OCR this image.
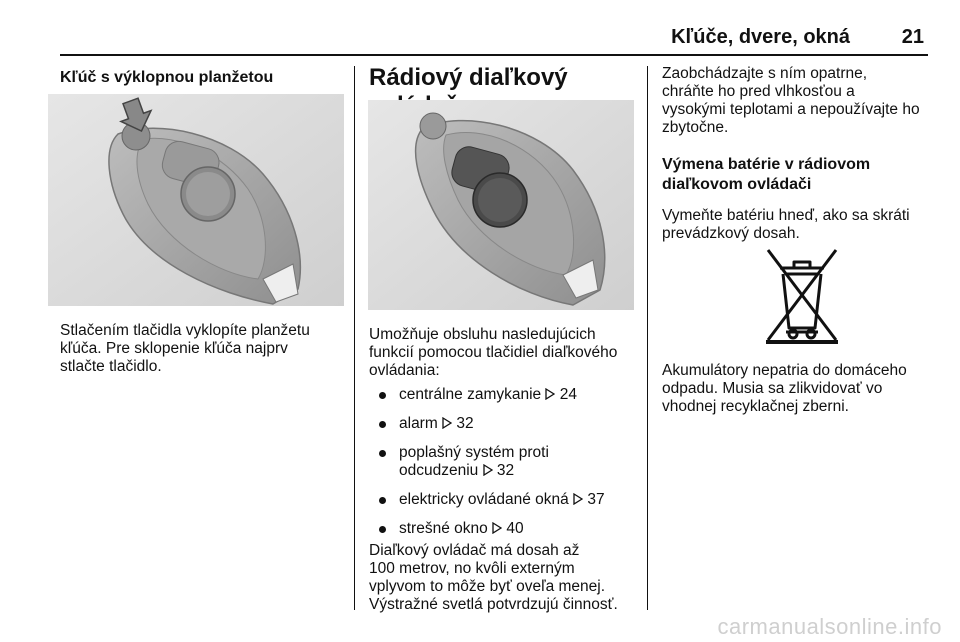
Kľúče, dvere, okná	21
Kľúč s výklopnou planžetou

Stlačením tlačidla vyklopíte planžetu
kľúča. Pre sklopenie kľúča najprv
stlačte tlačidlo.

Rádiový diaľkový

Umožňuje obsluhu nasledujúcich
funkcií pomocou tlačidiel diaľkového
ovládania:

centrálne zamykanie 24
alarm 32
poplašný systém proti
odcudzeniu 32
elektricky ovládané okná 37
strešné okno 40

Diaľkový ovládač má dosah až
100 metrov, no kvôli externým
vplyvom to môže byť oveľa menej.
Výstražné svetlá potvrdzujú činnosť.

Zaobchádzajte s ním opatrne,
chráňte ho pred vlhkosťou a
vysokými teplotami a nepoužívajte ho
zbytočne.

Výmena batérie v rádiovom
diaľkovom ovládači

Vymeňte batériu hneď, ako sa skráti
prevádzkový dosah.

Akumulátory nepatria do domáceho
odpadu. Musia sa zlikvidovať vo
vhodnej recyklačnej zberni.

carmanualsonline.info
